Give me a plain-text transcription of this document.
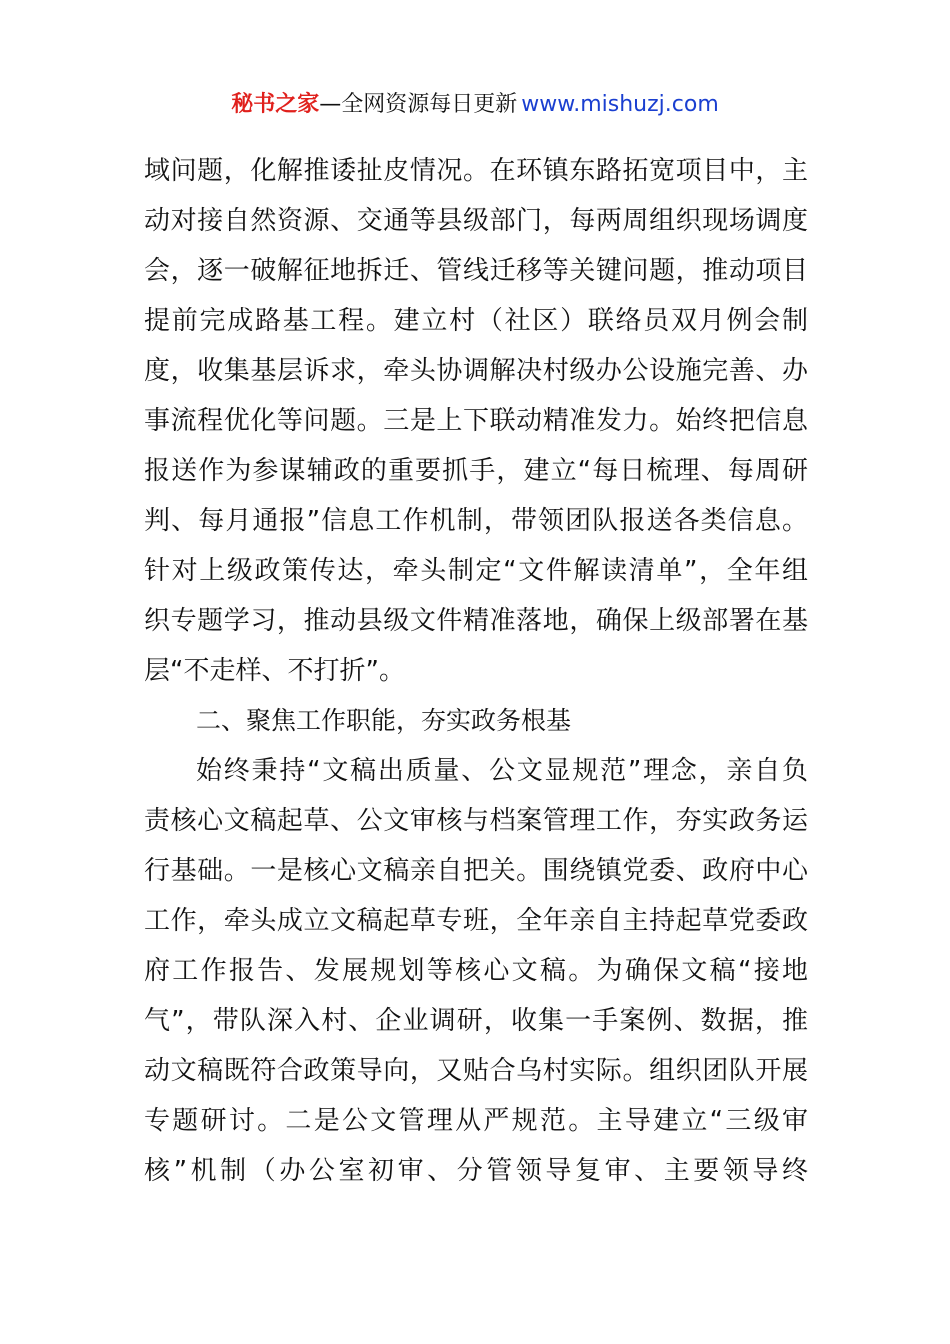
秘书之家—全网资源每日更新 www.mishuzj.com
域问题，化解推诿扯皮情况。在环镇东路拓宽项目中，主
动对接自然资源、交通等县级部门，每两周组织现场调度
会，逐一破解征地拆迁、管线迁移等关键问题，推动项目
提前完成路基工程。建立村（社区）联络员双月例会制
度，收集基层诉求，牵头协调解决村级办公设施完善、办
事流程优化等问题。三是上下联动精准发力。始终把信息
报送作为参谋辅政的重要抓手，建立“每日梳理、每周研
判、每月通报”信息工作机制，带领团队报送各类信息。
针对上级政策传达，牵头制定“文件解读清单”，全年组
织专题学习，推动县级文件精准落地，确保上级部署在基
层“不走样、不打折”。
二、聚焦工作职能，夯实政务根基
始终秉持“文稿出质量、公文显规范”理念，亲自负
责核心文稿起草、公文审核与档案管理工作，夯实政务运
行基础。一是核心文稿亲自把关。围绕镇党委、政府中心
工作，牵头成立文稿起草专班，全年亲自主持起草党委政
府工作报告、发展规划等核心文稿。为确保文稿“接地
气”，带队深入村、企业调研，收集一手案例、数据，推
动文稿既符合政策导向，又贴合乌村实际。组织团队开展
专题研讨。二是公文管理从严规范。主导建立“三级审
核”机制（办公室初审、分管领导复审、主要领导终
